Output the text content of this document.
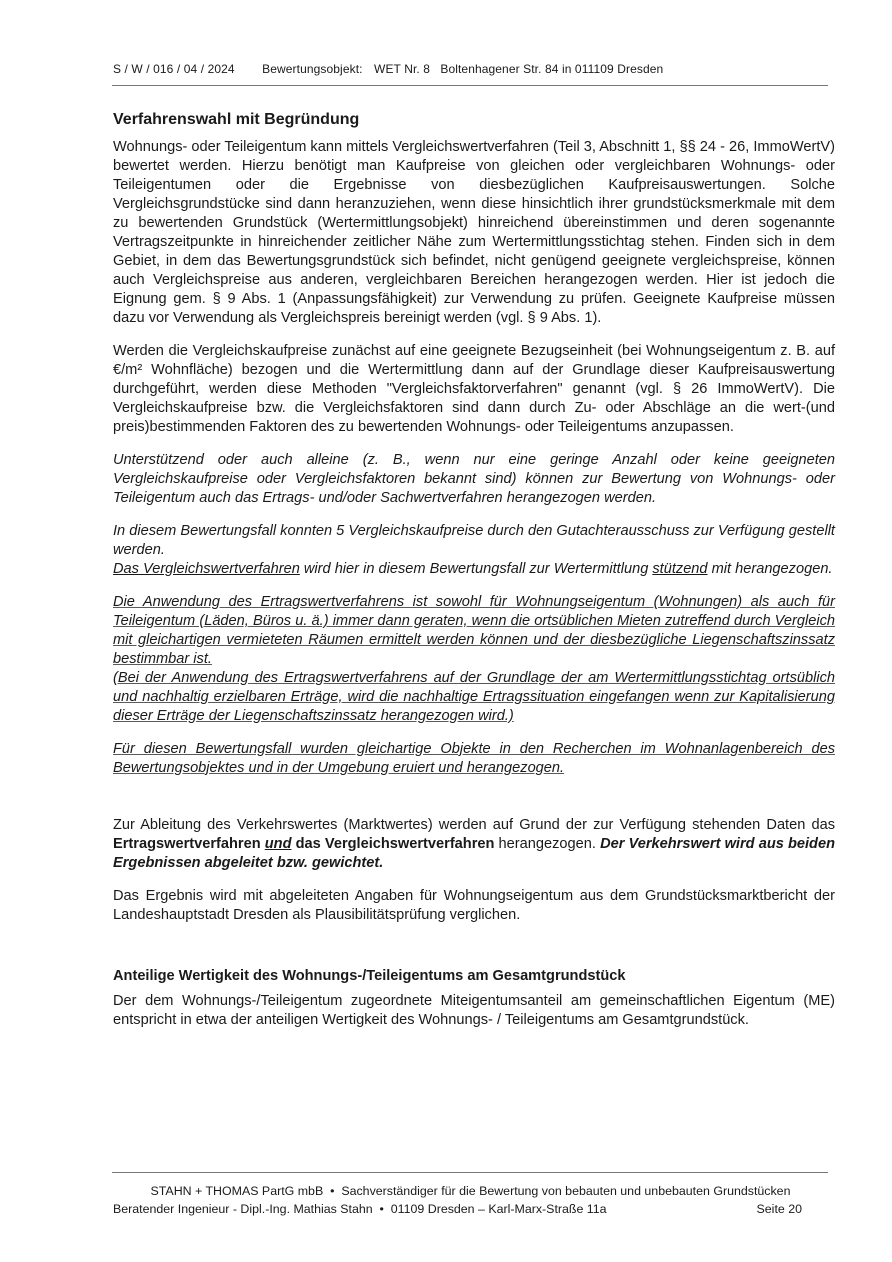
S / W / 016 / 04 / 2024 Bewertungsobjekt: WET Nr. 8   Boltenhagener Str. 84 in 011109 Dresden
Verfahrenswahl mit Begründung

Wohnungs- oder Teileigentum kann mittels Vergleichswertverfahren (Teil 3, Abschnitt 1, §§ 24 - 26, ImmoWertV) bewertet werden. Hierzu benötigt man Kaufpreise von gleichen oder vergleichbaren Wohnungs- oder Teileigentumen oder die Ergebnisse von diesbezüglichen Kaufpreisauswertungen. Solche Vergleichsgrundstücke sind dann heranzuziehen, wenn diese hinsichtlich ihrer grundstücksmerkmale mit dem zu bewertenden Grundstück (Wertermittlungsobjekt) hinreichend übereinstimmen und deren sogenannte Vertragszeitpunkte in hinreichender zeitlicher Nähe zum Wertermittlungsstichtag stehen. Finden sich in dem Gebiet, in dem das Bewertungsgrundstück sich befindet, nicht genügend geeignete vergleichspreise, können auch Vergleichspreise aus anderen, vergleichbaren Bereichen herangezogen werden. Hier ist jedoch die Eignung gem. § 9 Abs. 1 (Anpassungsfähigkeit) zur Verwendung zu prüfen. Geeignete Kaufpreise müssen dazu vor Verwendung als Vergleichspreis bereinigt werden (vgl. § 9 Abs. 1).

Werden die Vergleichskaufpreise zunächst auf eine geeignete Bezugseinheit (bei Wohnungseigentum z. B. auf €/m² Wohnfläche) bezogen und die Wertermittlung dann auf der Grundlage dieser Kaufpreisauswertung durchgeführt, werden diese Methoden "Vergleichsfaktorverfahren" genannt (vgl. § 26 ImmoWertV). Die Vergleichskaufpreise bzw. die Vergleichsfaktoren sind dann durch Zu- oder Abschläge an die wert-(und preis)bestimmenden Faktoren des zu bewertenden Wohnungs- oder Teileigentums anzupassen.

Unterstützend oder auch alleine (z. B., wenn nur eine geringe Anzahl oder keine geeigneten Vergleichskaufpreise oder Vergleichsfaktoren bekannt sind) können zur Bewertung von Wohnungs- oder Teileigentum auch das Ertrags- und/oder Sachwertverfahren herangezogen werden.

In diesem Bewertungsfall konnten 5 Vergleichskaufpreise durch den Gutachterausschuss zur Verfügung gestellt werden.
Das Vergleichswertverfahren wird hier in diesem Bewertungsfall zur Wertermittlung stützend mit herangezogen.

Die Anwendung des Ertragswertverfahrens ist sowohl für Wohnungseigentum (Wohnungen) als auch für Teileigentum (Läden, Büros u. ä.) immer dann geraten, wenn die ortsüblichen Mieten zutreffend durch Vergleich mit gleichartigen vermieteten Räumen ermittelt werden können und der diesbezügliche Liegenschaftszinssatz bestimmbar ist.

(Bei der Anwendung des Ertragswertverfahrens auf der Grundlage der am Wertermittlungsstichtag ortsüblich und nachhaltig erzielbaren Erträge, wird die nachhaltige Ertragssituation eingefangen wenn zur Kapitalisierung dieser Erträge der Liegenschaftszinssatz herangezogen wird.)

Für diesen Bewertungsfall wurden gleichartige Objekte in den Recherchen im Wohnanlagenbereich des Bewertungsobjektes und in der Umgebung eruiert und herangezogen.

Zur Ableitung des Verkehrswertes (Marktwertes) werden auf Grund der zur Verfügung stehenden Daten das Ertragswertverfahren und das Vergleichswertverfahren herangezogen. Der Verkehrswert wird aus beiden Ergebnissen abgeleitet bzw. gewichtet.

Das Ergebnis wird mit abgeleiteten Angaben für Wohnungseigentum aus dem Grundstücksmarktbericht der Landeshauptstadt Dresden als Plausibilitätsprüfung verglichen.

Anteilige Wertigkeit des Wohnungs-/Teileigentums am Gesamtgrundstück

Der dem Wohnungs-/Teileigentum zugeordnete Miteigentumsanteil am gemeinschaftlichen Eigentum (ME) entspricht in etwa der anteiligen Wertigkeit des Wohnungs- / Teileigentums am Gesamtgrundstück.

STAHN + THOMAS PartG mbB  •  Sachverständiger für die Bewertung von bebauten und unbebauten Grundstücken
Beratender Ingenieur - Dipl.-Ing. Mathias Stahn  •  01109 Dresden – Karl-Marx-Straße 11a	Seite 20
